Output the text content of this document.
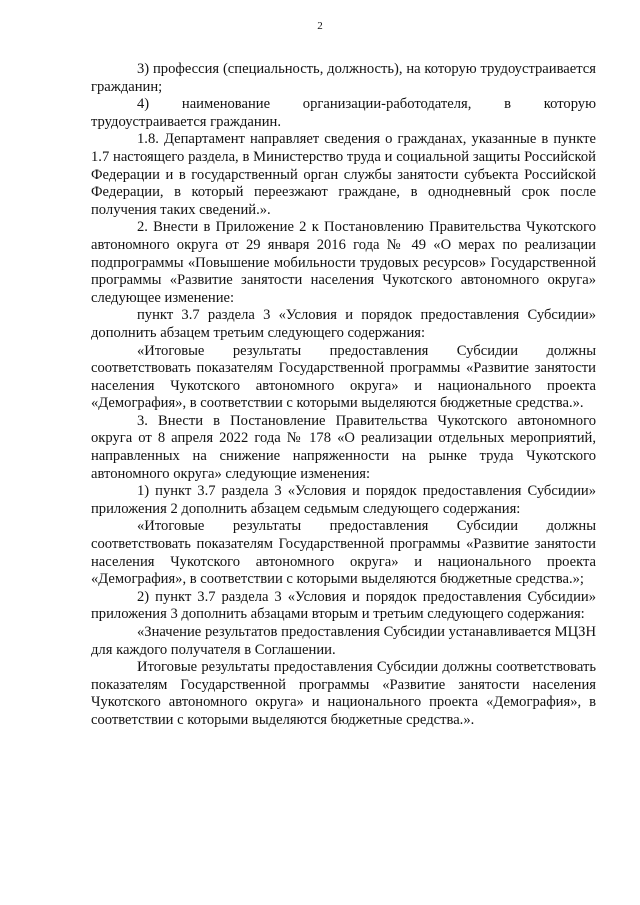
2

3) профессия (специальность, должность), на которую трудоустраивается гражданин;

4) наименование организации-работодателя, в которую трудоустраивается гражданин.

1.8. Департамент направляет сведения о гражданах, указанные в пункте 1.7 настоящего раздела, в Министерство труда и социальной защиты Российской Федерации и в государственный орган службы занятости субъекта Российской Федерации, в который переезжают граждане, в однодневный срок после получения таких сведений.».

2. Внести в Приложение 2 к Постановлению Правительства Чукотского автономного округа от 29 января 2016 года № 49 «О мерах по реализации подпрограммы «Повышение мобильности трудовых ресурсов» Государственной программы «Развитие занятости населения Чукотского автономного округа» следующее изменение:

пункт 3.7 раздела 3 «Условия и порядок предоставления Субсидии» дополнить абзацем третьим следующего содержания:

«Итоговые результаты предоставления Субсидии должны соответствовать показателям Государственной программы «Развитие занятости населения Чукотского автономного округа» и национального проекта «Демография», в соответствии с которыми выделяются бюджетные средства.».

3. Внести в Постановление Правительства Чукотского автономного округа от 8 апреля 2022 года № 178 «О реализации отдельных мероприятий, направленных на снижение напряженности на рынке труда Чукотского автономного округа» следующие изменения:

1) пункт 3.7 раздела 3 «Условия и порядок предоставления Субсидии» приложения 2 дополнить абзацем седьмым следующего содержания:

«Итоговые результаты предоставления Субсидии должны соответствовать показателям Государственной программы «Развитие занятости населения Чукотского автономного округа» и национального проекта «Демография», в соответствии с которыми выделяются бюджетные средства.»;

2) пункт 3.7 раздела 3 «Условия и порядок предоставления Субсидии» приложения 3 дополнить абзацами вторым и третьим следующего содержания:

«Значение результатов предоставления Субсидии устанавливается МЦЗН для каждого получателя в Соглашении.

Итоговые результаты предоставления Субсидии должны соответствовать показателям Государственной программы «Развитие занятости населения Чукотского автономного округа» и национального проекта «Демография», в соответствии с которыми выделяются бюджетные средства.».
